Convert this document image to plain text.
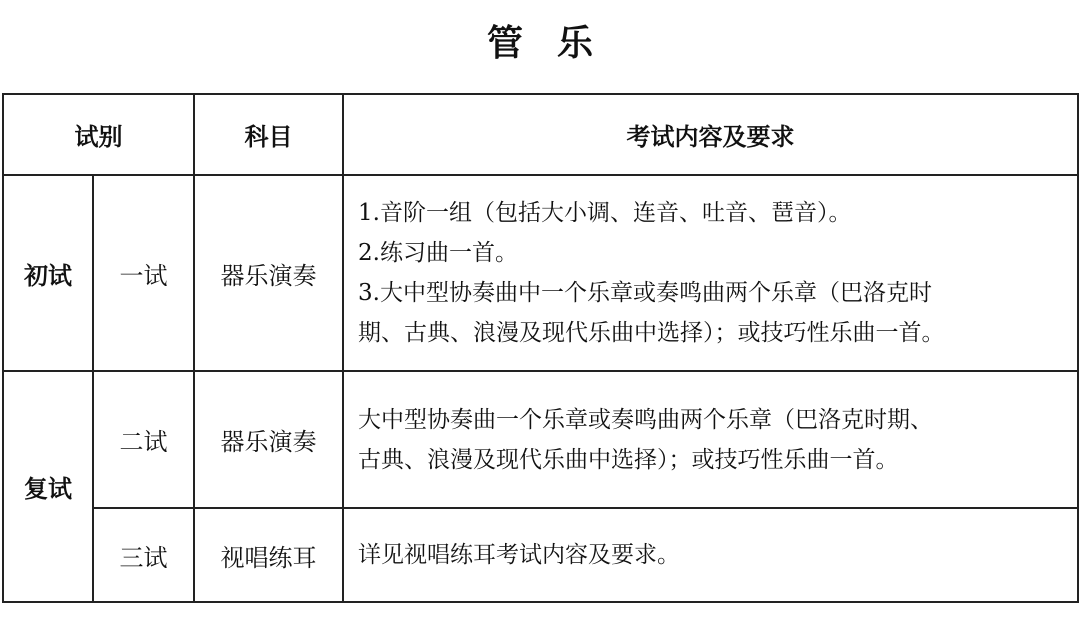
管 乐
试别		科目	考试内容及要求
初试	一试	器乐演奏	1.音阶一组（包括大小调、连音、吐音、琶音）。
2.练习曲一首。
3.大中型协奏曲中一个乐章或奏鸣曲两个乐章（巴洛克时
期、古典、浪漫及现代乐曲中选择）；或技巧性乐曲一首。

复试	二试	器乐演奏	大中型协奏曲一个乐章或奏鸣曲两个乐章（巴洛克时期、
古典、浪漫及现代乐曲中选择）；或技巧性乐曲一首。

	三试	视唱练耳	详见视唱练耳考试内容及要求。
